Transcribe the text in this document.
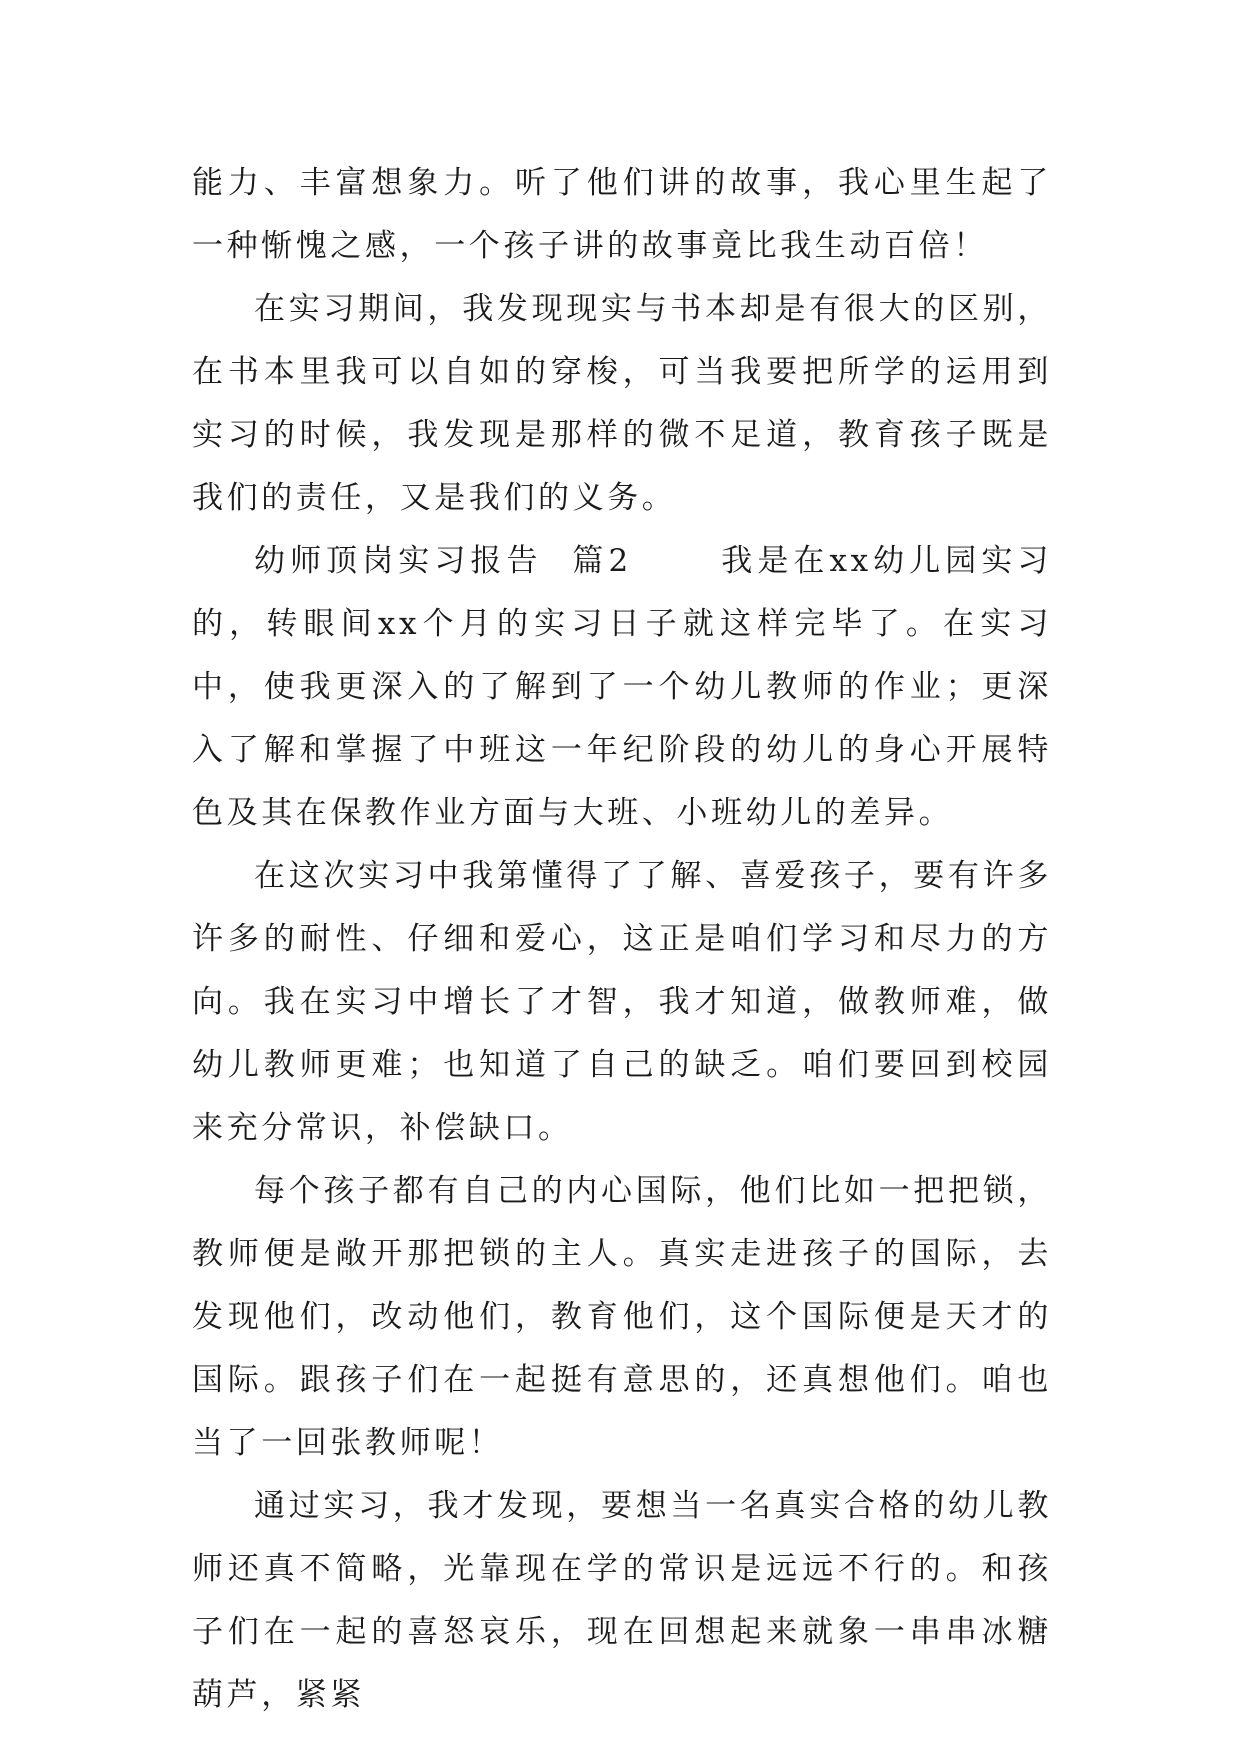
能力、丰富想象力。听了他们讲的故事，我心里生起了一种惭愧之感，一个孩子讲的故事竟比我生动百倍！

在实习期间，我发现现实与书本却是有很大的区别，在书本里我可以自如的穿梭，可当我要把所学的运用到实习的时候，我发现是那样的微不足道，教育孩子既是我们的责任，又是我们的义务。

幼师顶岗实习报告  篇2      我是在xx幼儿园实习的，转眼间xx个月的实习日子就这样完毕了。在实习中，使我更深入的了解到了一个幼儿教师的作业；更深入了解和掌握了中班这一年纪阶段的幼儿的身心开展特色及其在保教作业方面与大班、小班幼儿的差异。

在这次实习中我第懂得了了解、喜爱孩子，要有许多许多的耐性、仔细和爱心，这正是咱们学习和尽力的方向。我在实习中增长了才智，我才知道，做教师难，做幼儿教师更难；也知道了自己的缺乏。咱们要回到校园来充分常识，补偿缺口。

每个孩子都有自己的内心国际，他们比如一把把锁，教师便是敞开那把锁的主人。真实走进孩子的国际，去发现他们，改动他们，教育他们，这个国际便是天才的国际。跟孩子们在一起挺有意思的，还真想他们。咱也当了一回张教师呢！

通过实习，我才发现，要想当一名真实合格的幼儿教师还真不简略，光靠现在学的常识是远远不行的。和孩子们在一起的喜怒哀乐，现在回想起来就象一串串冰糖葫芦，紧紧
